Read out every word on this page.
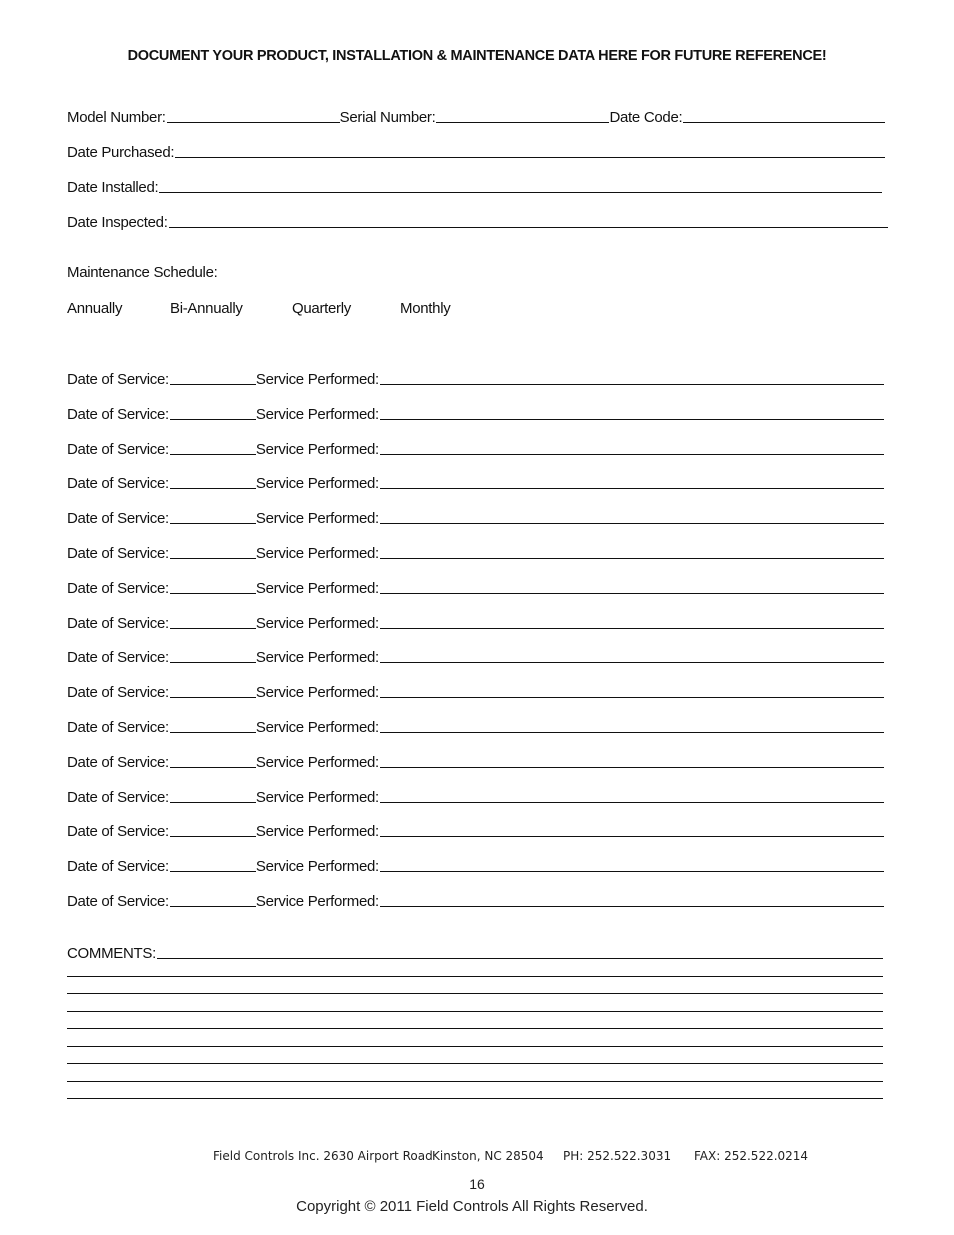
DOCUMENT YOUR PRODUCT, INSTALLATION & MAINTENANCE DATA HERE FOR FUTURE REFERENCE!
Model Number:	Serial Number:	Date Code:
Date Purchased:
Date Installed:
Date Inspected:
Maintenance Schedule:
Annually	Bi-Annually	Quarterly	Monthly
Date of Service:	Service Performed:
Date of Service:	Service Performed:
Date of Service:	Service Performed:
Date of Service:	Service Performed:
Date of Service:	Service Performed:
Date of Service:	Service Performed:
Date of Service:	Service Performed:
Date of Service:	Service Performed:
Date of Service:	Service Performed:
Date of Service:	Service Performed:
Date of Service:	Service Performed:
Date of Service:	Service Performed:
Date of Service:	Service Performed:
Date of Service:	Service Performed:
Date of Service:	Service Performed:
Date of Service:	Service Performed:
COMMENTS:
Field Controls Inc. 2630 Airport Road Kinston, NC 28504 PH: 252.522.3031 FAX: 252.522.0214
16
Copyright © 2011 Field Controls All Rights Reserved.
